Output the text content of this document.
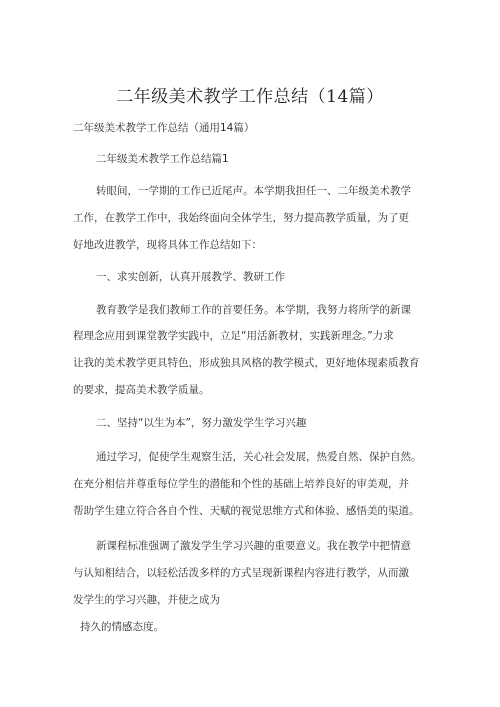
二年级美术教学工作总结（14篇）
二年级美术教学工作总结（通用14篇）
二年级美术教学工作总结篇1
转眼间，一学期的工作已近尾声。本学期我担任一、二年级美术教学
工作，在教学工作中，我始终面向全体学生，努力提高教学质量，为了更
好地改进教学，现将具体工作总结如下：
一、求实创新，认真开展教学、教研工作
教育教学是我们教师工作的首要任务。本学期，我努力将所学的新课
程理念应用到课堂教学实践中，立足“用活新教材，实践新理念。”力求
让我的美术教学更具特色，形成独具风格的教学模式，更好地体现素质教育
的要求，提高美术教学质量。
二、坚持“以生为本”，努力激发学生学习兴趣
通过学习，促使学生观察生活，关心社会发展，热爱自然、保护自然。
在充分相信并尊重每位学生的潜能和个性的基础上培养良好的审美观，并
帮助学生建立符合各自个性、天赋的视觉思维方式和体验、感悟美的渠道。
新课程标准强调了激发学生学习兴趣的重要意义。我在教学中把情意
与认知相结合，以轻松活泼多样的方式呈现新课程内容进行教学，从而激
发学生的学习兴趣，并使之成为
持久的情感态度。
